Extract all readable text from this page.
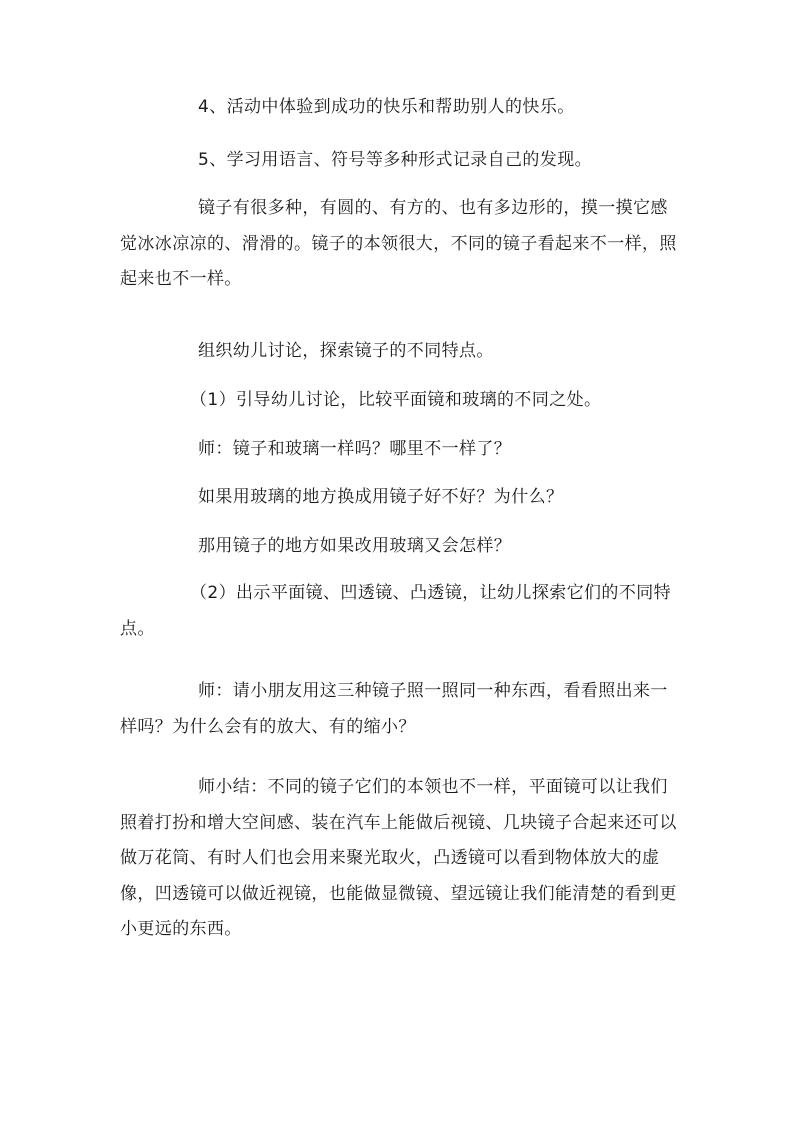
4、活动中体验到成功的快乐和帮助别人的快乐。

5、学习用语言、符号等多种形式记录自己的发现。

镜子有很多种，有圆的、有方的、也有多边形的，摸一摸它感觉冰冰凉凉的、滑滑的。镜子的本领很大，不同的镜子看起来不一样，照起来也不一样。

组织幼儿讨论，探索镜子的不同特点。

（1）引导幼儿讨论，比较平面镜和玻璃的不同之处。

师：镜子和玻璃一样吗？哪里不一样了？

如果用玻璃的地方换成用镜子好不好？为什么？

那用镜子的地方如果改用玻璃又会怎样？

（2）出示平面镜、凹透镜、凸透镜，让幼儿探索它们的不同特点。

师：请小朋友用这三种镜子照一照同一种东西，看看照出来一样吗？为什么会有的放大、有的缩小？

师小结：不同的镜子它们的本领也不一样，平面镜可以让我们照着打扮和增大空间感、装在汽车上能做后视镜、几块镜子合起来还可以做万花筒、有时人们也会用来聚光取火，凸透镜可以看到物体放大的虚像，凹透镜可以做近视镜，也能做显微镜、望远镜让我们能清楚的看到更小更远的东西。
